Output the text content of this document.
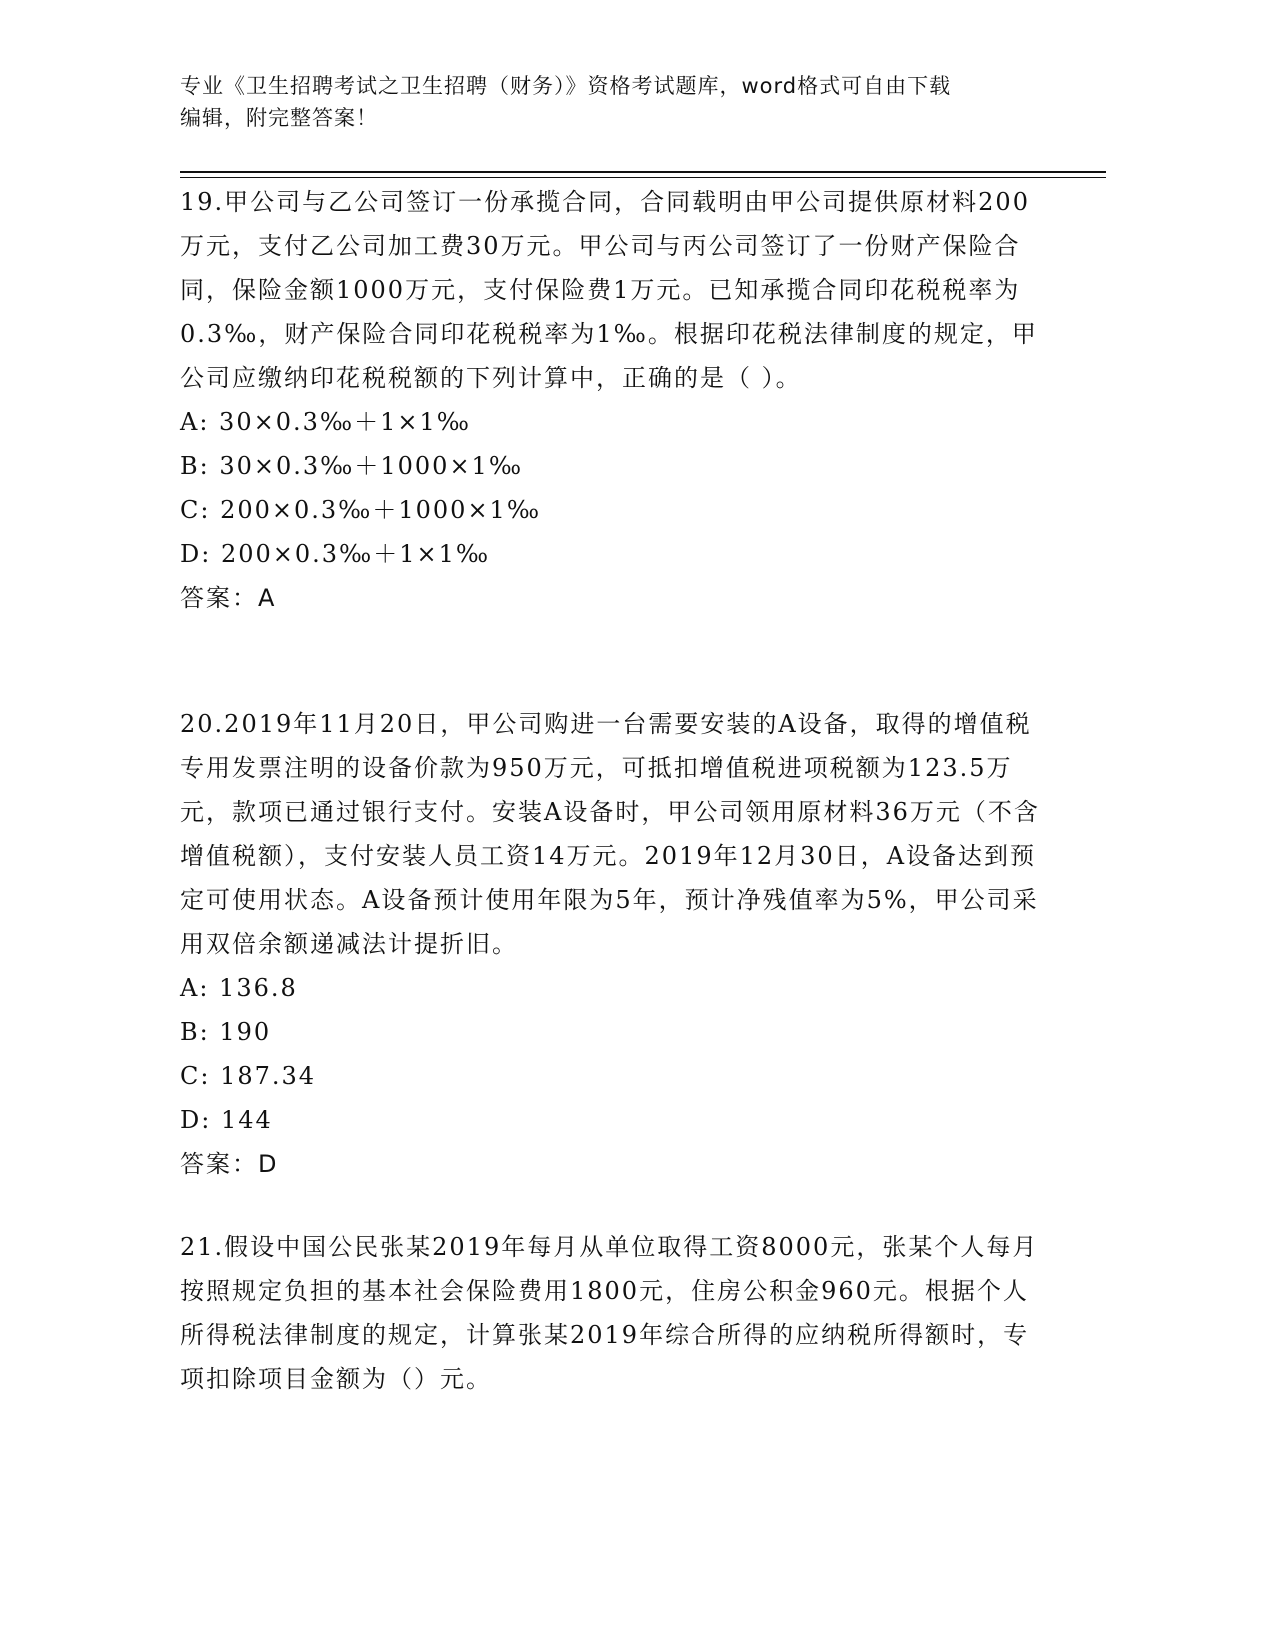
专业《卫生招聘考试之卫生招聘（财务）》资格考试题库，word格式可自由下载
编辑，附完整答案！

19.甲公司与乙公司签订一份承揽合同，合同载明由甲公司提供原材料200万元，支付乙公司加工费30万元。甲公司与丙公司签订了一份财产保险合同，保险金额1000万元，支付保险费1万元。已知承揽合同印花税税率为0.3‰，财产保险合同印花税税率为1‰。根据印花税法律制度的规定，甲公司应缴纳印花税税额的下列计算中，正确的是（ ）。

A: 30×0.3‰＋1×1‰

B: 30×0.3‰＋1000×1‰

C: 200×0.3‰＋1000×1‰

D: 200×0.3‰＋1×1‰

答案：A

20.2019年11月20日，甲公司购进一台需要安装的A设备，取得的增值税专用发票注明的设备价款为950万元，可抵扣增值税进项税额为123.5万元，款项已通过银行支付。安装A设备时，甲公司领用原材料36万元（不含增值税额），支付安装人员工资14万元。2019年12月30日，A设备达到预定可使用状态。A设备预计使用年限为5年，预计净残值率为5%，甲公司采用双倍余额递减法计提折旧。

A: 136.8

B: 190

C: 187.34

D: 144

答案：D

21.假设中国公民张某2019年每月从单位取得工资8000元，张某个人每月按照规定负担的基本社会保险费用1800元，住房公积金960元。根据个人所得税法律制度的规定，计算张某2019年综合所得的应纳税所得额时，专项扣除项目金额为（）元。
